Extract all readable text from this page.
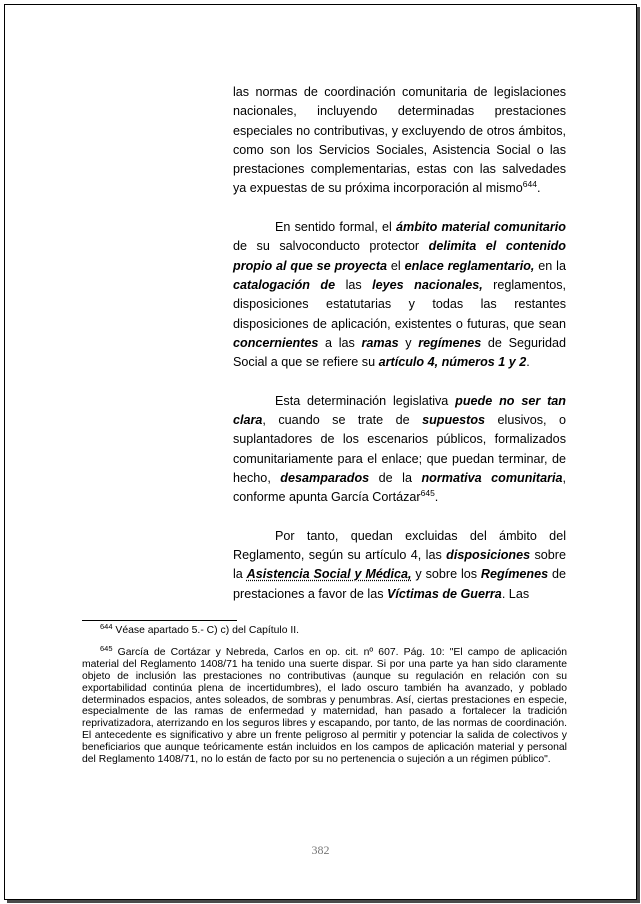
las normas de coordinación comunitaria de legislaciones nacionales, incluyendo determinadas prestaciones especiales no contributivas, y excluyendo de otros ámbitos, como son los Servicios Sociales, Asistencia Social o las prestaciones complementarias, estas con las salvedades ya expuestas de su próxima incorporación al mismo$^{644}$.

En sentido formal, el ámbito material comunitario de su salvoconducto protector delimita el contenido propio al que se proyecta el enlace reglamentario, en la catalogación de las leyes nacionales, reglamentos, disposiciones estatutarias y todas las restantes disposiciones de aplicación, existentes o futuras, que sean concernientes a las ramas y regímenes de Seguridad Social a que se refiere su artículo 4, números 1 y 2.

Esta determinación legislativa puede no ser tan clara, cuando se trate de supuestos elusivos, o suplantadores de los escenarios públicos, formalizados comunitariamente para el enlace; que puedan terminar, de hecho, desamparados de la normativa comunitaria, conforme apunta García Cortázar$^{645}$.

Por tanto, quedan excluidas del ámbito del Reglamento, según su artículo 4, las disposiciones sobre la Asistencia Social y Médica, y sobre los Regímenes de prestaciones a favor de las Víctimas de Guerra. Las

$^{644}$ Véase apartado 5.- C) c) del Capítulo II.

$^{645}$ García de Cortázar y Nebreda, Carlos en op. cit. nº 607. Pág. 10: "El campo de aplicación material del Reglamento 1408/71 ha tenido una suerte dispar. Si por una parte ya han sido claramente objeto de inclusión las prestaciones no contributivas (aunque su regulación en relación con su exportabilidad continúa plena de incertidumbres), el lado oscuro también ha avanzado, y poblado determinados espacios, antes soleados, de sombras y penumbras. Así, ciertas prestaciones en especie, especialmente de las ramas de enfermedad y maternidad, han pasado a fortalecer la tradición reprivatizadora, aterrizando en los seguros libres y escapando, por tanto, de las normas de coordinación. El antecedente es significativo y abre un frente peligroso al permitir y potenciar la salida de colectivos y beneficiarios que aunque teóricamente están incluidos en los campos de aplicación material y personal del Reglamento 1408/71, no lo están de facto por su no pertenencia o sujeción a un régimen público".

382
